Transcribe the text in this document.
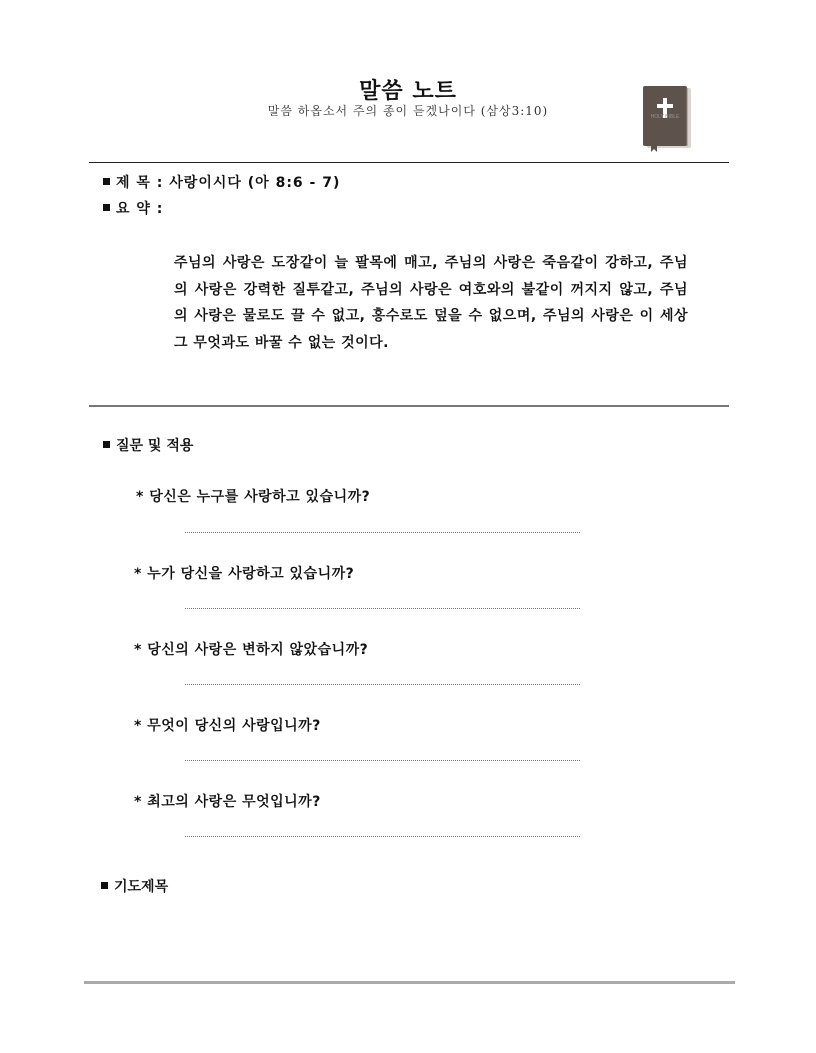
말씀 노트
말씀 하옵소서 주의 종이 듣겠나이다 (삼상3:10)	HOLY BIBLE
제 목 : 사랑이시다 (아 8:6 - 7)
요 약 :
주님의 사랑은 도장같이 늘 팔목에 매고, 주님의 사랑은 죽음같이 강하고, 주님의 사랑은 강력한 질투같고, 주님의 사랑은 여호와의 불같이 꺼지지 않고, 주님의 사랑은 물로도 끌 수 없고, 홍수로도 덮을 수 없으며, 주님의 사랑은 이 세상 그 무엇과도 바꿀 수 없는 것이다.
질문 및 적용
* 당신은 누구를 사랑하고 있습니까?
* 누가 당신을 사랑하고 있습니까?
* 당신의 사랑은 변하지 않았습니까?
* 무엇이 당신의 사랑입니까?
* 최고의 사랑은 무엇입니까?
기도제목
